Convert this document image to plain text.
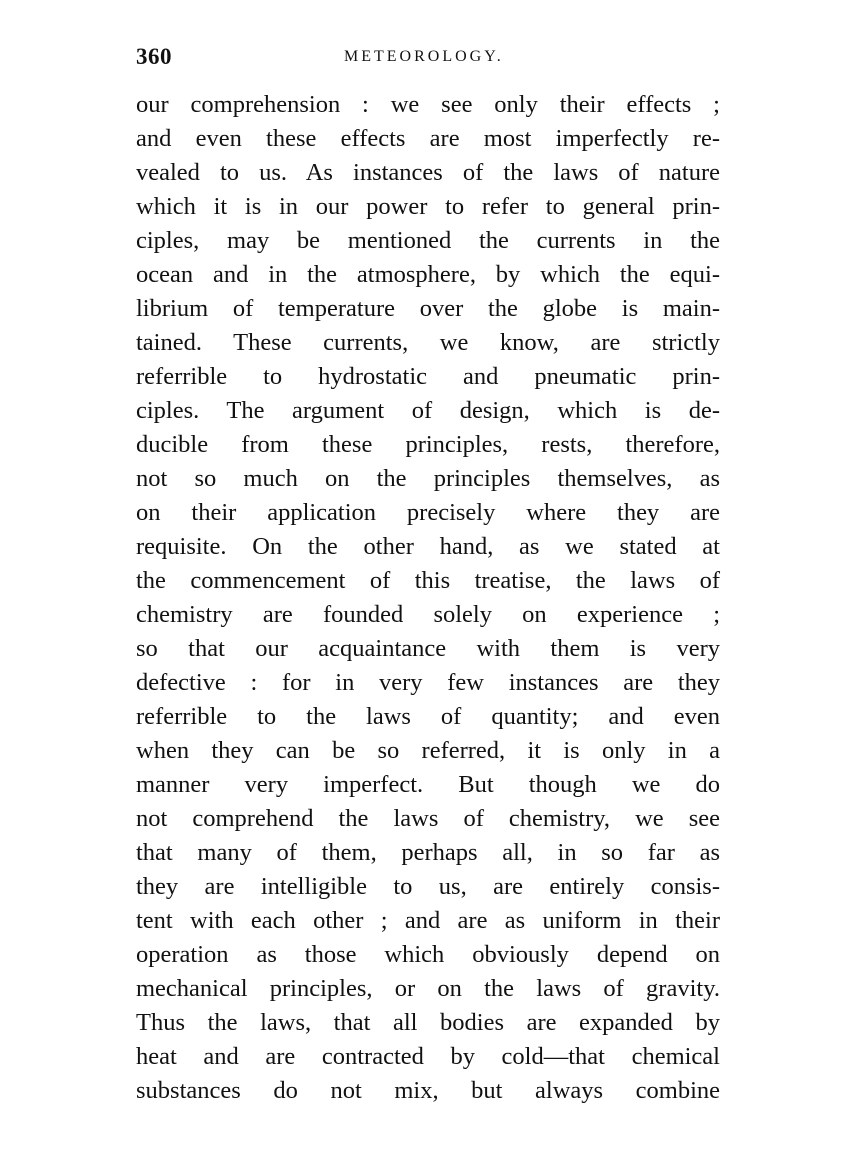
360	METEOROLOGY.
our comprehension : we see only their effects ;
and even these effects are most imperfectly re-
vealed to us. As instances of the laws of nature
which it is in our power to refer to general prin-
ciples, may be mentioned the currents in the
ocean and in the atmosphere, by which the equi-
librium of temperature over the globe is main-
tained. These currents, we know, are strictly
referrible to hydrostatic and pneumatic prin-
ciples. The argument of design, which is de-
ducible from these principles, rests, therefore,
not so much on the principles themselves, as
on their application precisely where they are
requisite. On the other hand, as we stated at
the commencement of this treatise, the laws of
chemistry are founded solely on experience ;
so that our acquaintance with them is very
defective : for in very few instances are they
referrible to the laws of quantity; and even
when they can be so referred, it is only in a
manner very imperfect. But though we do
not comprehend the laws of chemistry, we see
that many of them, perhaps all, in so far as
they are intelligible to us, are entirely consis-
tent with each other ; and are as uniform in their
operation as those which obviously depend on
mechanical principles, or on the laws of gravity.
Thus the laws, that all bodies are expanded by
heat and are contracted by cold—that chemical
substances do not mix, but always combine
